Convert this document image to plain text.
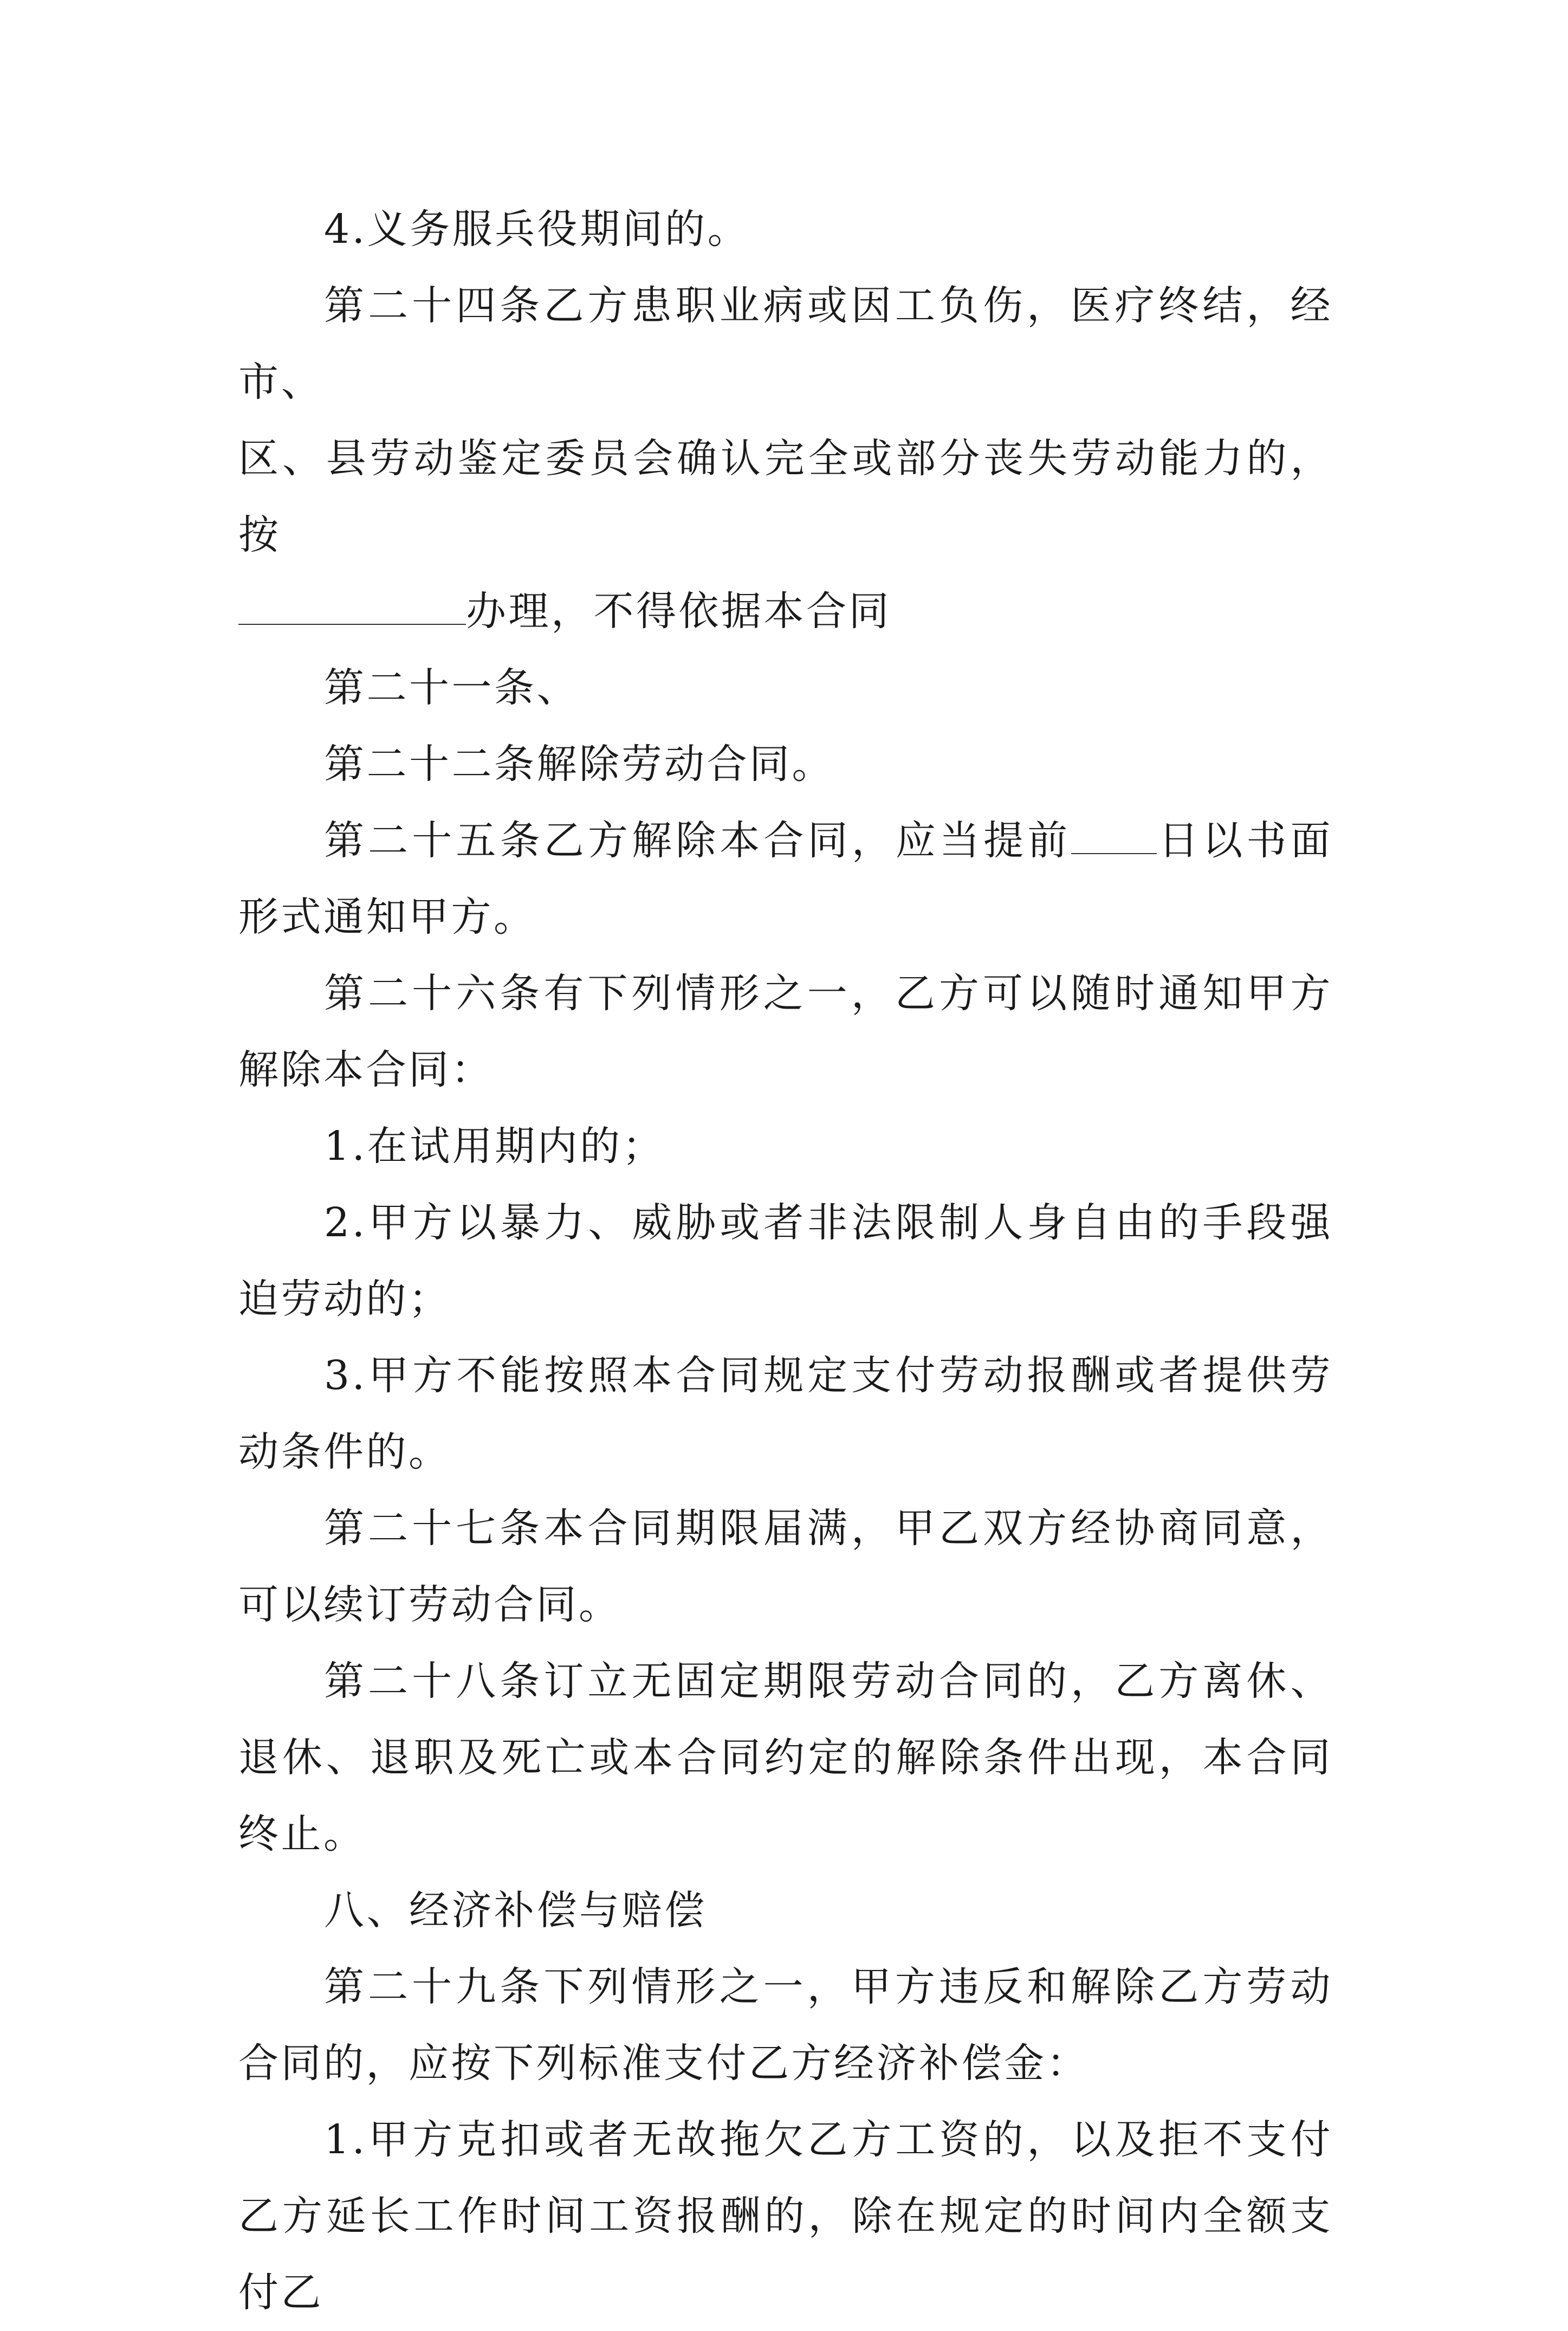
4.义务服兵役期间的。

第二十四条乙方患职业病或因工负伤，医疗终结，经市、
区、县劳动鉴定委员会确认完全或部分丧失劳动能力的，按
办理，不得依据本合同

第二十一条、

第二十二条解除劳动合同。

第二十五条乙方解除本合同，应当提前 日以书面形式通知甲方。

第二十六条有下列情形之一，乙方可以随时通知甲方解除本合同：

1.在试用期内的；

2.甲方以暴力、威胁或者非法限制人身自由的手段强迫劳动的；

3.甲方不能按照本合同规定支付劳动报酬或者提供劳动条件的。

第二十七条本合同期限届满，甲乙双方经协商同意，可以续订劳动合同。

第二十八条订立无固定期限劳动合同的，乙方离休、退休、退职及死亡或本合同约定的解除条件出现，本合同终止。

八、经济补偿与赔偿

第二十九条下列情形之一，甲方违反和解除乙方劳动合同的，应按下列标准支付乙方经济补偿金：

1.甲方克扣或者无故拖欠乙方工资的，以及拒不支付乙方延长工作时间工资报酬的，除在规定的时间内全额支付乙
